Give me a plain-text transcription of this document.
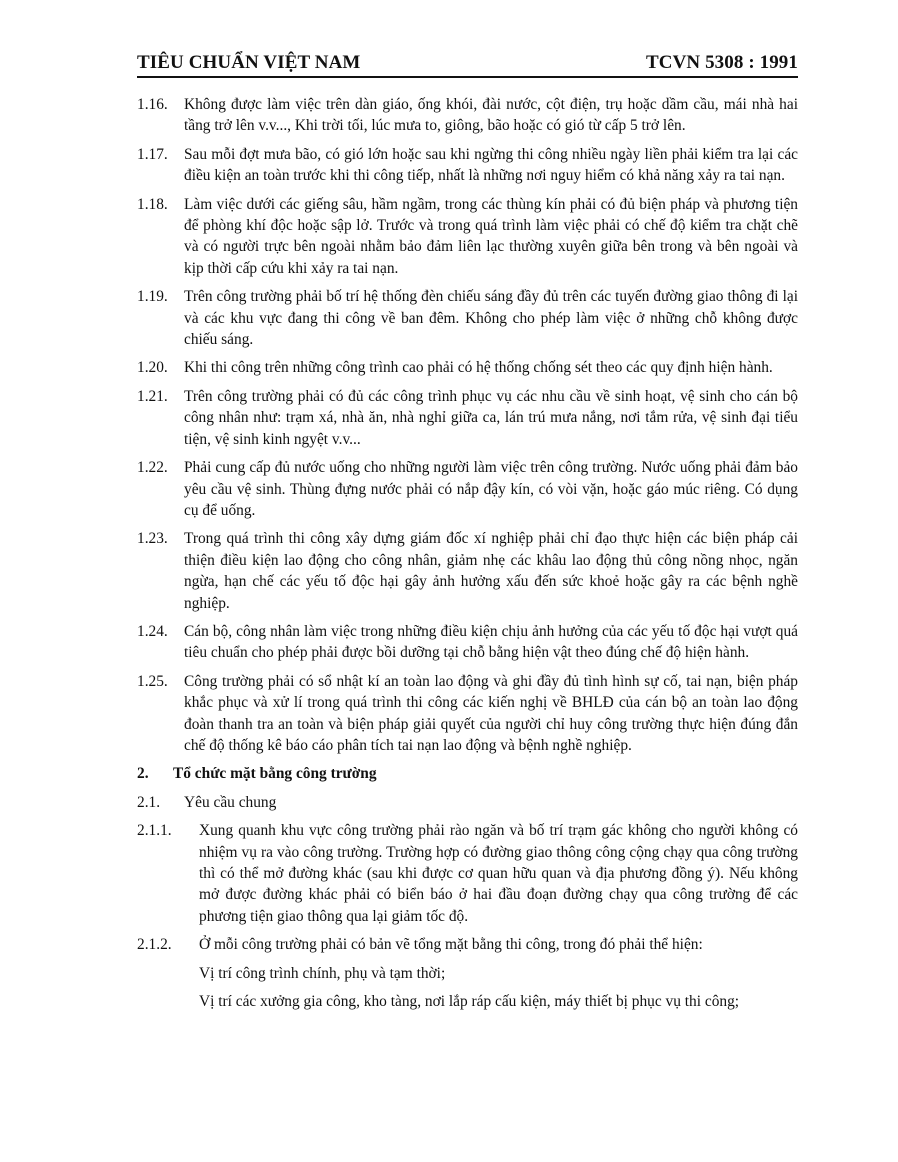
TIÊU CHUẨN VIỆT NAM	TCVN 5308 : 1991
1.16.	Không được làm việc trên dàn giáo, ống khói, đài nước, cột điện, trụ hoặc dầm cầu, mái nhà hai tầng trở lên v.v..., Khi trời tối, lúc mưa to, giông, bão hoặc có gió từ cấp 5 trở lên.
1.17.	Sau mỗi đợt mưa bão, có gió lớn hoặc sau khi ngừng thi công nhiều ngày liền phải kiểm tra lại các điều kiện an toàn trước khi thi công tiếp, nhất là những nơi nguy hiểm có khả năng xảy ra tai nạn.
1.18.	Làm việc dưới các giếng sâu, hầm ngầm, trong các thùng kín phải có đủ biện pháp và phương tiện để phòng khí độc hoặc sập lở. Trước và trong quá trình làm việc phải có chế độ kiểm tra chặt chẽ và có người trực bên ngoài nhằm bảo đảm liên lạc thường xuyên giữa bên trong và bên ngoài và kịp thời cấp cứu khi xảy ra tai nạn.
1.19.	Trên công trường phải bố trí hệ thống đèn chiếu sáng đầy đủ trên các tuyến đường giao thông đi lại và các khu vực đang thi công về ban đêm. Không cho phép làm việc ở những chỗ không được chiếu sáng.
1.20.	Khi thi công trên những công trình cao phải có hệ thống chống sét theo các quy định hiện hành.
1.21.	Trên công trường phải có đủ các công trình phục vụ các nhu cầu về sinh hoạt, vệ sinh cho cán bộ công nhân như: trạm xá, nhà ăn, nhà nghỉ giữa ca, lán trú mưa nắng, nơi tắm rửa, vệ sinh đại tiểu tiện, vệ sinh kinh ngyệt v.v...
1.22.	Phải cung cấp đủ nước uống cho những người làm việc trên công trường. Nước uống phải đảm bảo yêu cầu vệ sinh. Thùng đựng nước phải có nắp đậy kín, có vòi vặn, hoặc gáo múc riêng. Có dụng cụ để uống.
1.23.	Trong quá trình thi công xây dựng giám đốc xí nghiệp phải chỉ đạo thực hiện các biện pháp cải thiện điều kiện lao động cho công nhân, giảm nhẹ các khâu lao động thủ công nồng nhọc, ngăn ngừa, hạn chế các yếu tố độc hại gây ảnh hưởng xấu đến sức khoẻ hoặc gây ra các bệnh nghề nghiệp.
1.24.	Cán bộ, công nhân làm việc trong những điều kiện chịu ảnh hưởng của các yếu tố độc hại vượt quá tiêu chuẩn cho phép phải được bồi dưỡng tại chỗ bằng hiện vật theo đúng chế độ hiện hành.
1.25.	Công trường phải có sổ nhật kí an toàn lao động và ghi đầy đủ tình hình sự cố, tai nạn, biện pháp khắc phục và xử lí trong quá trình thi công các kiến nghị về BHLĐ của cán bộ an toàn lao động đoàn thanh tra an toàn và biện pháp giải quyết của người chỉ huy công trường thực hiện đúng đắn chế độ thống kê báo cáo phân tích tai nạn lao động và bệnh nghề nghiệp.
2.	Tổ chức mặt bằng công trường
2.1.	Yêu cầu chung
2.1.1.	Xung quanh khu vực công trường phải rào ngăn và bố trí trạm gác không cho người không có nhiệm vụ ra vào công trường. Trường hợp có đường giao thông công cộng chạy qua công trường thì có thể mở đường khác (sau khi được cơ quan hữu quan và địa phương đồng ý). Nếu không mở được đường khác phải có biển báo ở hai đầu đoạn đường chạy qua công trường để các phương tiện giao thông qua lại giảm tốc độ.
2.1.2.	Ở mỗi công trường phải có bản vẽ tổng mặt bằng thi công, trong đó phải thể hiện:
Vị trí công trình chính, phụ và tạm thời;
Vị trí các xưởng gia công, kho tàng, nơi lắp ráp cấu kiện, máy thiết bị phục vụ thi công;
